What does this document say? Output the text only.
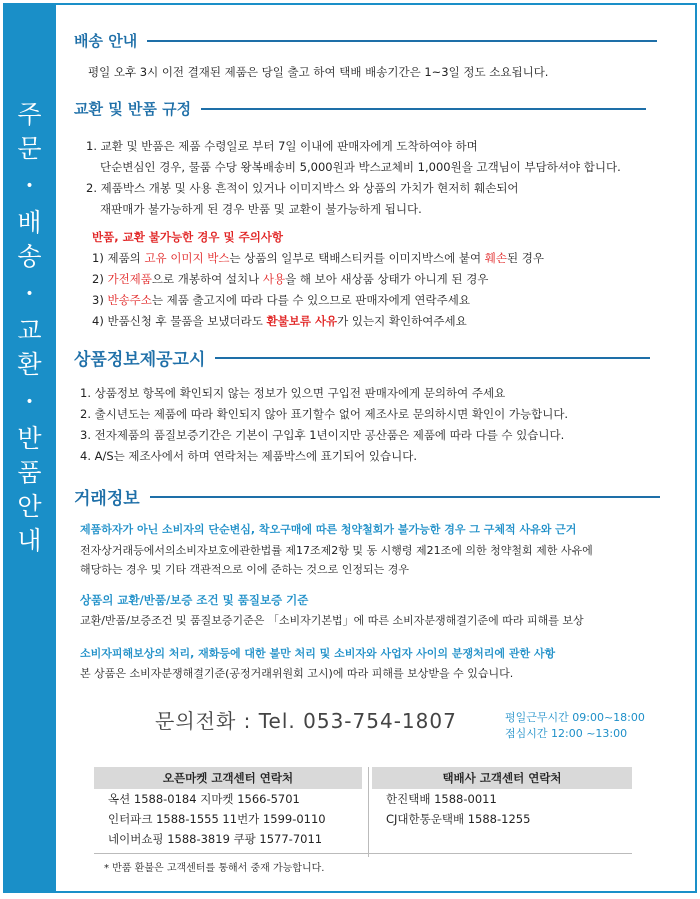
주
문
•
배
송
•
교
환
•
반
품
안
내
배송 안내
평일 오후 3시 이전 결재된 제품은 당일 출고 하여 택배 배송기간은 1~3일 정도 소요됩니다.
교환 및 반품 규정
1. 교환 및 반품은 제품 수령일로 부터 7일 이내에 판매자에게 도착하여야 하며
단순변심인 경우, 물품 수당 왕복배송비 5,000원과 박스교체비 1,000원을 고객님이 부담하셔야 합니다.
2. 제품박스 개봉 및 사용 흔적이 있거나 이미지박스 와 상품의 가치가 현저히 훼손되어
재판매가 불가능하게 된 경우 반품 및 교환이 불가능하게 됩니다.
반품, 교환 불가능한 경우 및 주의사항
1) 제품의 고유 이미지 박스는 상품의 일부로 택배스티커를 이미지박스에 붙여 훼손된 경우
2) 가전제품으로 개봉하여 설치나 사용을 해 보아 새상품 상태가 아니게 된 경우
3) 반송주소는 제품 출고지에 따라 다를 수 있으므로 판매자에게 연락주세요
4) 반품신청 후 물품을 보냈더라도 환불보류 사유가 있는지 확인하여주세요
상품정보제공고시
1. 상품정보 항목에 확인되지 않는 정보가 있으면 구입전 판매자에게 문의하여 주세요
2. 출시년도는 제품에 따라 확인되지 않아 표기할수 없어 제조사로 문의하시면 확인이 가능합니다.
3. 전자제품의 품질보증기간은 기본이 구입후 1년이지만 공산품은 제품에 따라 다를 수 있습니다.
4. A/S는 제조사에서 하며 연락처는 제품박스에 표기되어 있습니다.
거래정보
제품하자가 아닌 소비자의 단순변심, 착오구매에 따른 청약철회가 불가능한 경우 그 구체적 사유와 근거
전자상거래등에서의소비자보호에관한법률 제17조제2항 및 동 시행령 제21조에 의한 청약철회 제한 사유에
해당하는 경우 및 기타 객관적으로 이에 준하는 것으로 인정되는 경우
상품의 교환/반품/보증 조건 및 품질보증 기준
교환/반품/보증조건 및 품질보증기준은 「소비자기본법」에 따른 소비자분쟁해결기준에 따라 피해를 보상
소비자피해보상의 처리, 재화등에 대한 불만 처리 및 소비자와 사업자 사이의 분쟁처리에 관한 사항
본 상품은 소비자분쟁해결기준(공정거래위원회 고시)에 따라 피해를 보상받을 수 있습니다.
문의전화 : Tel. 053-754-1807	평일근무시간 09:00~18:00
점심시간 12:00 ~13:00
오픈마켓 고객센터 연락처
옥션 1588-0184 지마켓 1566-5701
인터파크 1588-1555 11번가 1599-0110
네이버쇼핑 1588-3819 쿠팡 1577-7011
택배사 고객센터 연락처
한진택배 1588-0011
CJ대한통운택배 1588-1255
* 반품 환불은 고객센터를 통해서 중재 가능합니다.
